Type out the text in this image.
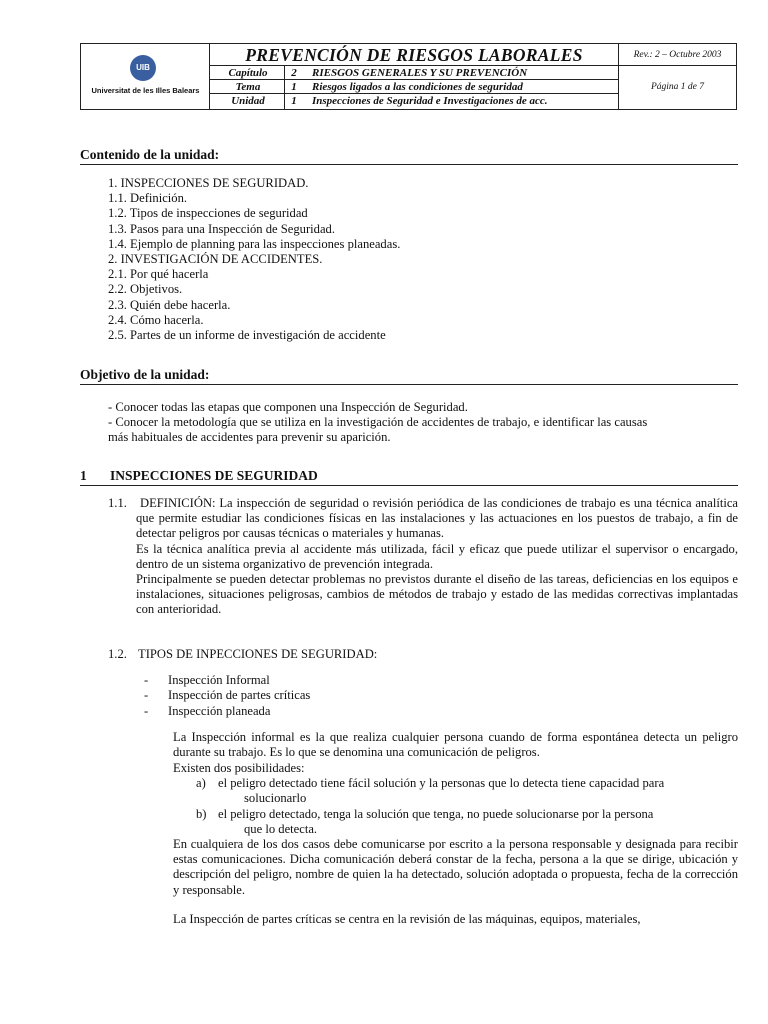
UIB
Universitat de les Illes Balears
PREVENCIÓN DE RIESGOS LABORALES
Capítulo	2	RIESGOS GENERALES Y SU PREVENCIÓN
Tema	1	Riesgos ligados a las condiciones de seguridad
Unidad	1	Inspecciones de Seguridad e Investigaciones de acc.
Rev.: 2 – Octubre 2003
Página 1 de 7
Contenido de la unidad:
1. INSPECCIONES DE SEGURIDAD.
1.1. Definición.
1.2. Tipos de inspecciones de seguridad
1.3. Pasos para una Inspección de Seguridad.
1.4. Ejemplo de planning para las inspecciones planeadas.
2. INVESTIGACIÓN DE ACCIDENTES.
2.1. Por qué hacerla
2.2. Objetivos.
2.3. Quién debe hacerla.
2.4. Cómo hacerla.
2.5. Partes de un informe de investigación de accidente
Objetivo de la unidad:
- Conocer todas las etapas que componen una Inspección de Seguridad.
- Conocer la metodología que se utiliza en la investigación de accidentes de trabajo, e identificar las causas
más habituales de accidentes para prevenir su aparición.
1 INSPECCIONES DE SEGURIDAD
1.1.	DEFINICIÓN: La inspección de seguridad o revisión periódica de las condiciones de trabajo es una técnica analítica que permite estudiar las condiciones físicas en las instalaciones y las actuaciones en los puestos de trabajo, a fin de detectar peligros por causas técnicas o materiales y humanas.

Es la técnica analítica previa al accidente más utilizada, fácil y eficaz que puede utilizar el supervisor o encargado, dentro de un sistema organizativo de prevención integrada.

Principalmente se pueden detectar problemas no previstos durante el diseño de las tareas, deficiencias en los equipos e instalaciones, situaciones peligrosas, cambios de métodos de trabajo y estado de las medidas correctivas implantadas con anterioridad.

1.2. TIPOS DE INPECCIONES DE SEGURIDAD:
- Inspección Informal
- Inspección de partes críticas
- Inspección planeada
La Inspección informal es la que realiza cualquier persona cuando de forma espontánea detecta un peligro durante su trabajo. Es lo que se denomina una comunicación de peligros.
Existen dos posibilidades:
a) el peligro detectado tiene fácil solución y la personas que lo detecta tiene capacidad para
solucionarlo
b) el peligro detectado, tenga la solución que tenga, no puede solucionarse por la persona
que lo detecta.
En cualquiera de los dos casos debe comunicarse por escrito a la persona responsable y designada para recibir estas comunicaciones. Dicha comunicación deberá constar de la fecha, persona a la que se dirige, ubicación y descripción del peligro, nombre de quien la ha detectado, solución adoptada o propuesta, fecha de la corrección y responsable.
La Inspección de partes críticas se centra en la revisión de las máquinas, equipos, materiales,
